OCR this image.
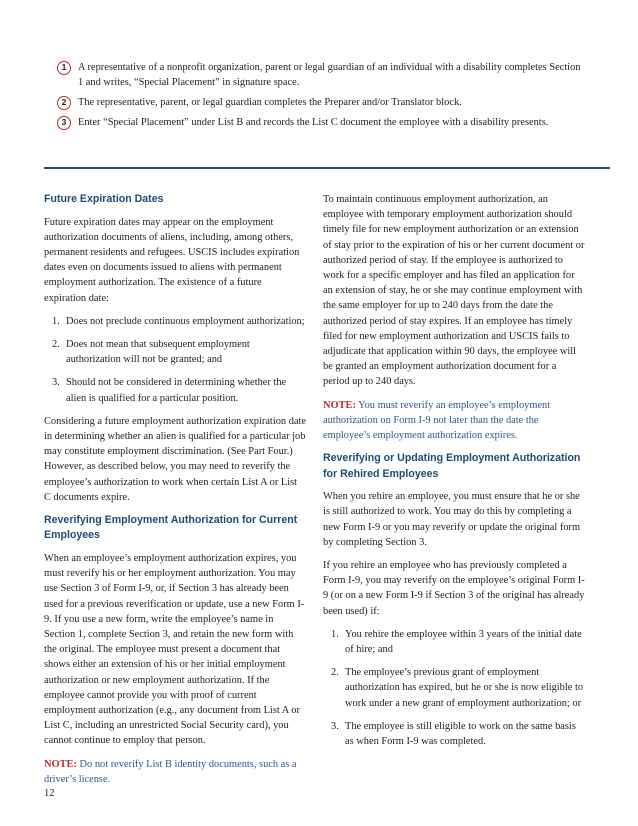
1	A representative of a nonprofit organization, parent or legal guardian of an individual with a disability completes Section 1 and writes, “Special Placement” in signature space.
2	The representative, parent, or legal guardian completes the Preparer and/or Translator block.
3	Enter “Special Placement” under List B and records the List C document the employee with a disability presents.
Future Expiration Dates

Future expiration dates may appear on the employment authorization documents of aliens, including, among others, permanent residents and refugees. USCIS includes expiration dates even on documents issued to aliens with permanent employment authorization. The existence of a future expiration date:

1. Does not preclude continuous employment authorization;
2. Does not mean that subsequent employment authorization will not be granted; and
3. Should not be considered in determining whether the alien is qualified for a particular position.

Considering a future employment authorization expiration date in determining whether an alien is qualified for a particular job may constitute employment discrimination. (See Part Four.) However, as described below, you may need to reverify the employee’s authorization to work when certain List A or List C documents expire.

Reverifying Employment Authorization for Current Employees

When an employee’s employment authorization expires, you must reverify his or her employment authorization. You may use Section 3 of Form I-9, or, if Section 3 has already been used for a previous reverification or update, use a new Form I-9. If you use a new form, write the employee’s name in Section 1, complete Section 3, and retain the new form with the original. The employee must present a document that shows either an extension of his or her initial employment authorization or new employment authorization. If the employee cannot provide you with proof of current employment authorization (e.g., any document from List A or List C, including an unrestricted Social Security card), you cannot continue to employ that person.

NOTE: Do not reverify List B identity documents, such as a driver’s license.

To maintain continuous employment authorization, an employee with temporary employment authorization should timely file for new employment authorization or an extension of stay prior to the expiration of his or her current document or authorized period of stay. If the employee is authorized to work for a specific employer and has filed an application for an extension of stay, he or she may continue employment with the same employer for up to 240 days from the date the authorized period of stay expires. If an employee has timely filed for new employment authorization and USCIS fails to adjudicate that application within 90 days, the employee will be granted an employment authorization document for a period up to 240 days.

NOTE: You must reverify an employee’s employment authorization on Form I-9 not later than the date the employee’s employment authorization expires.

Reverifying or Updating Employment Authorization for Rehired Employees

When you rehire an employee, you must ensure that he or she is still authorized to work. You may do this by completing a new Form I-9 or you may reverify or update the original form by completing Section 3.

If you rehire an employee who has previously completed a Form I-9, you may reverify on the employee’s original Form I-9 (or on a new Form I-9 if Section 3 of the original has already been used) if:

1. You rehire the employee within 3 years of the initial date of hire; and
2. The employee’s previous grant of employment authorization has expired, but he or she is now eligible to work under a new grant of employment authorization; or
3. The employee is still eligible to work on the same basis as when Form I-9 was completed.
12
